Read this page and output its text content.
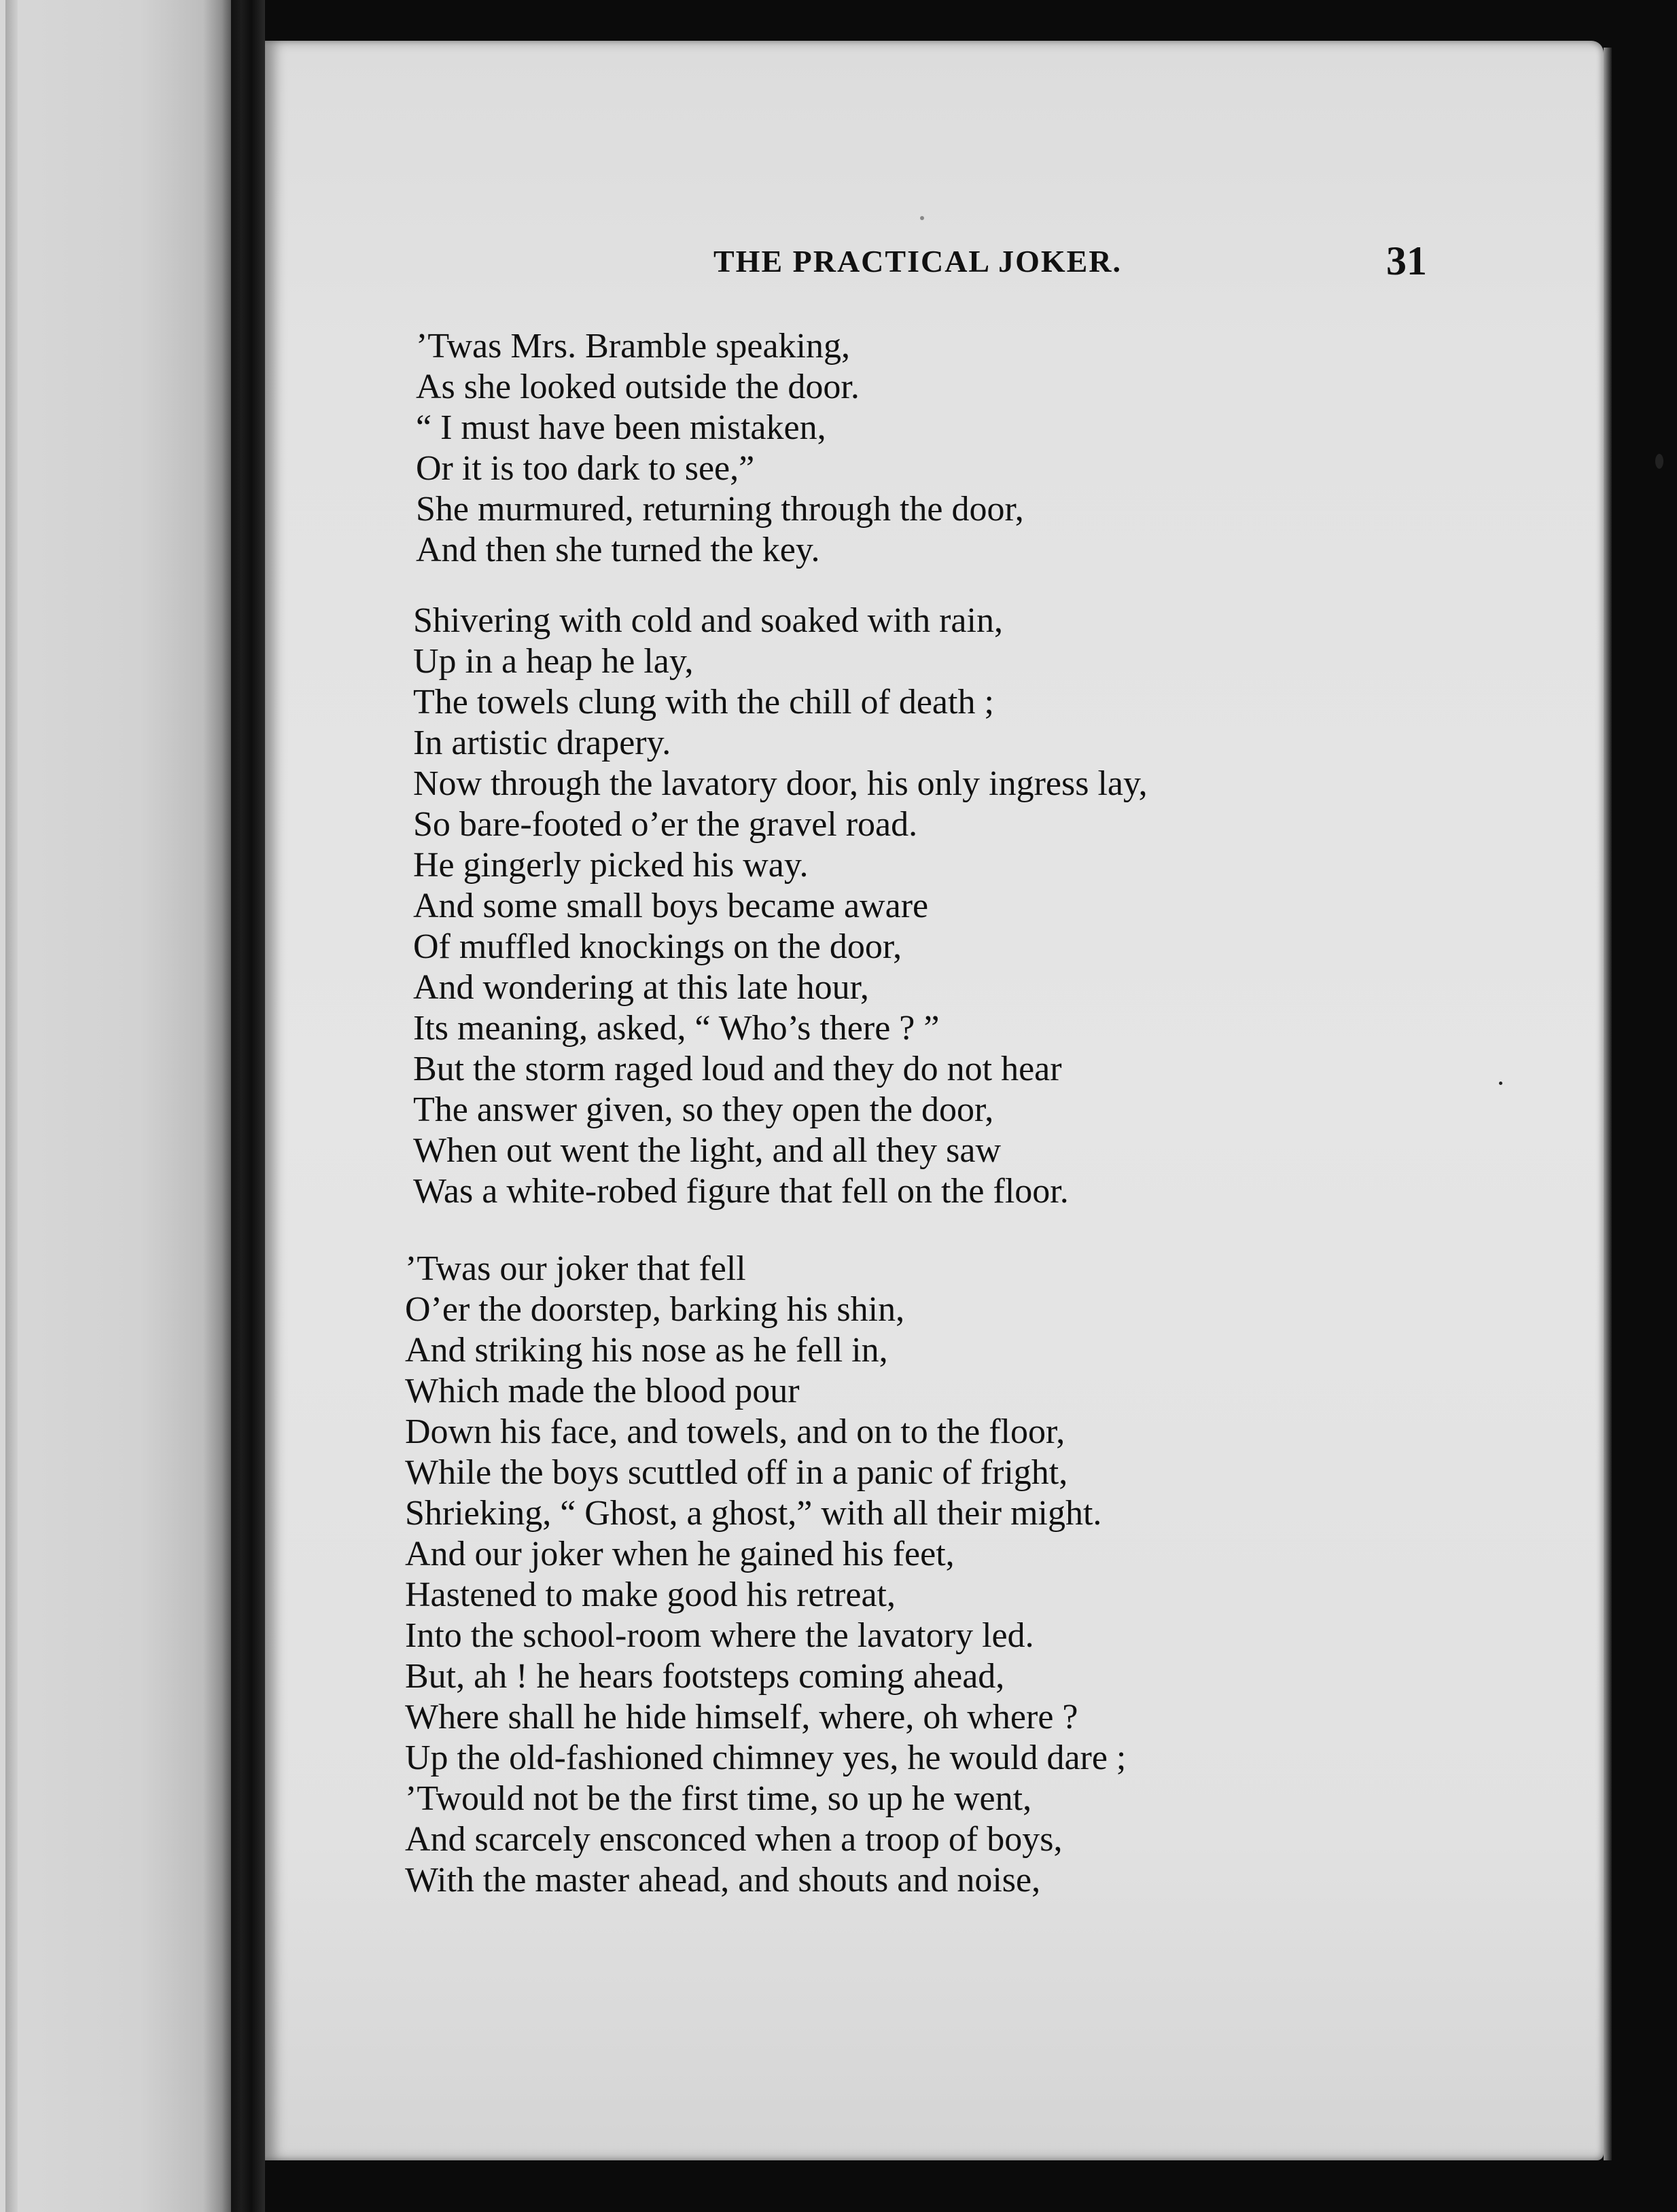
THE PRACTICAL JOKER.	31
’Twas Mrs. Bramble speaking,
As she looked outside the door.
“ I must have been mistaken,
Or it is too dark to see,”
She murmured, returning through the door,
And then she turned the key.
Shivering with cold and soaked with rain,
Up in a heap he lay,
The towels clung with the chill of death ;
In artistic drapery.
Now through the lavatory door, his only ingress lay,
So bare-footed o’er the gravel road.
He gingerly picked his way.
And some small boys became aware
Of muffled knockings on the door,
And wondering at this late hour,
Its meaning, asked, “ Who’s there ? ”
But the storm raged loud and they do not hear
The answer given, so they open the door,
When out went the light, and all they saw
Was a white-robed figure that fell on the floor.
’Twas our joker that fell
O’er the doorstep, barking his shin,
And striking his nose as he fell in,
Which made the blood pour
Down his face, and towels, and on to the floor,
While the boys scuttled off in a panic of fright,
Shrieking, “ Ghost, a ghost,” with all their might.
And our joker when he gained his feet,
Hastened to make good his retreat,
Into the school-room where the lavatory led.
But, ah ! he hears footsteps coming ahead,
Where shall he hide himself, where, oh where ?
Up the old-fashioned chimney yes, he would dare ;
’Twould not be the first time, so up he went,
And scarcely ensconced when a troop of boys,
With the master ahead, and shouts and noise,
